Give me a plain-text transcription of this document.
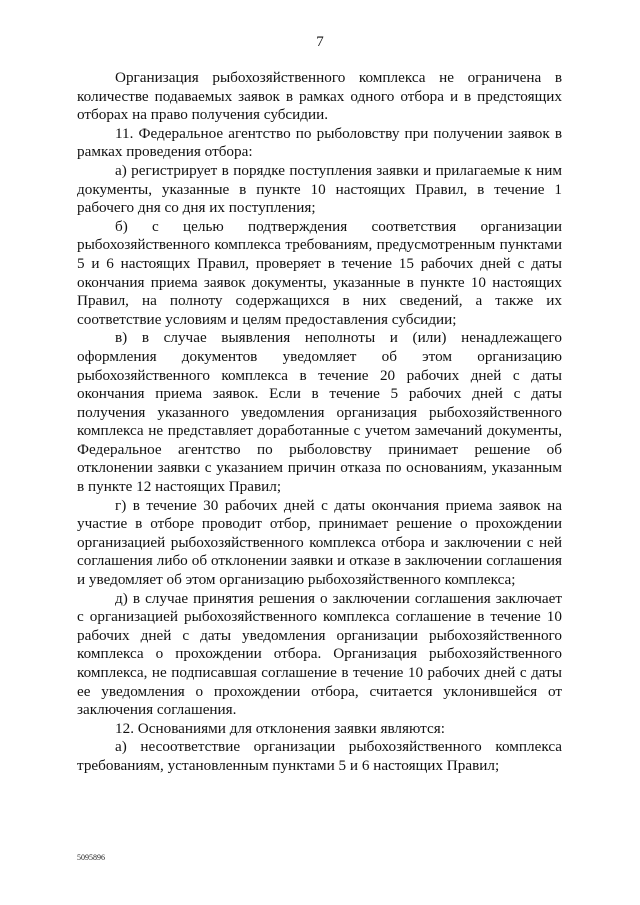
7

Организация рыбохозяйственного комплекса не ограничена в количестве подаваемых заявок в рамках одного отбора и в предстоящих отборах на право получения субсидии.

11. Федеральное агентство по рыболовству при получении заявок в рамках проведения отбора:

а) регистрирует в порядке поступления заявки и прилагаемые к ним документы, указанные в пункте 10 настоящих Правил, в течение 1 рабочего дня со дня их поступления;

б) с целью подтверждения соответствия организации рыбохозяйственного комплекса требованиям, предусмотренным пунктами 5 и 6 настоящих Правил, проверяет в течение 15 рабочих дней с даты окончания приема заявок документы, указанные в пункте 10 настоящих Правил, на полноту содержащихся в них сведений, а также их соответствие условиям и целям предоставления субсидии;

в) в случае выявления неполноты и (или) ненадлежащего оформления документов уведомляет об этом организацию рыбохозяйственного комплекса в течение 20 рабочих дней с даты окончания приема заявок. Если в течение 5 рабочих дней с даты получения указанного уведомления организация рыбохозяйственного комплекса не представляет доработанные с учетом замечаний документы, Федеральное агентство по рыболовству принимает решение об отклонении заявки с указанием причин отказа по основаниям, указанным в пункте 12 настоящих Правил;

г) в течение 30 рабочих дней с даты окончания приема заявок на участие в отборе проводит отбор, принимает решение о прохождении организацией рыбохозяйственного комплекса отбора и заключении с ней соглашения либо об отклонении заявки и отказе в заключении соглашения и уведомляет об этом организацию рыбохозяйственного комплекса;

д) в случае принятия решения о заключении соглашения заключает с организацией рыбохозяйственного комплекса соглашение в течение 10 рабочих дней с даты уведомления организации рыбохозяйственного комплекса о прохождении отбора. Организация рыбохозяйственного комплекса, не подписавшая соглашение в течение 10 рабочих дней с даты ее уведомления о прохождении отбора, считается уклонившейся от заключения соглашения.

12. Основаниями для отклонения заявки являются:

а) несоответствие организации рыбохозяйственного комплекса требованиям, установленным пунктами 5 и 6 настоящих Правил;

5095896
